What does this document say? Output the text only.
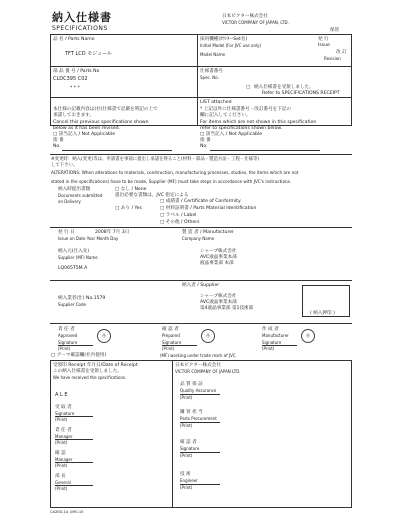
納入仕様書
SPECIFICATIONS
日本ビクター株式会社
VICTOR COMPANY OF JAPAN, LTD.
保管
品 名 / Parts Name
TFT LCD モジュール
採用機種(ｶｳﾝﾀｰ-Set名)
Initial Model (For JVC use only)
Model Name
発 行
Issue
改 訂
Revision
部 品 番 号 / Parts No
CLDC395 C02
* * *
仕様書番号
Spec. No.
□ 納入仕様書を受領しました。
Refer to SPECIFICATIONS RECEIPT
LIST attached
本仕様の記載内容は(社)仕様書で記載を明記の上で
承諾しておきます。
Cancel this previous specifications shown
below as it has been revised.
□ 該当記入 / Not Applicable
指 番
No.
* 上記以外に仕様書番号・改訂番号を下記の
欄に記入してください。
For items which are not shown in this specification
refer to specifications shown below.
□ 該当記入 / Not Applicable
指 番
No.
※変更時：納入(変更)等は、申請書を事前に提出し承諾を得ること(材料・部品・製造方法・工程・仕様等)
して下さい。
ALTERATIONS: When alterations to materials, construction, manufacturing processes, studies, the items which are not
stated in the specifications) have to be made, Supplier (MF) must take steps in accordance with JVC's instructions.
納入時提出書類
Documents submitted
on Delivery
□ なし / None
提出必要な書類は、JVC 指定による
□ あり / Yes
□ 成績書 / Certificate of Conformity
□ 材料証明書 / Parts Material Identification
□ ラベル / Label
□ その他 / Others
発 行 日	2008年 7月 3日
Issue on Date Year Month Day
製 造 者 / Manufacturer
Company Name
納入元(仕入先)
Supplier (MF) Name
LQ065T5M.A
シャープ株式会社
AVC液晶事業本部
液晶事業部 本部
納入者 / Supplier
納入業者(仕) No.1579
Supplier Code
シャープ株式会社
AVC液晶事業本部
第4液晶事業部 第1技術部
( 納入押印 )
責 任 者
Approved
Signature
(Print)
㊞
確 認 者
Prepared
Signature
(Print)
㊞
作 成 者
Manufacturer
Signature
(Print)
㊞
□ アーマ確認欄(社内使用)	(MF) working under trade mark of JVC
受領印 Receipt 年月日/Date of Receipt
この納入仕様書を受領しました。
We have received the specifications.
日本ビクター株式会社
VICTOR COMPANY OF JAPAN LTD.
A L E
受 取 者
Signature
(Print)
責 任 者
Manager
(Print)
確 認
Manager
(Print)
部 長
General
(Print)
品 質 保 証
Quality Assurance
(Print)
購 買 担 当
Parts Procurement
(Print)
確 認 者
Signature
(Print)
技 術
Engineer
(Print)
CA2ED-1A 3/90-10
